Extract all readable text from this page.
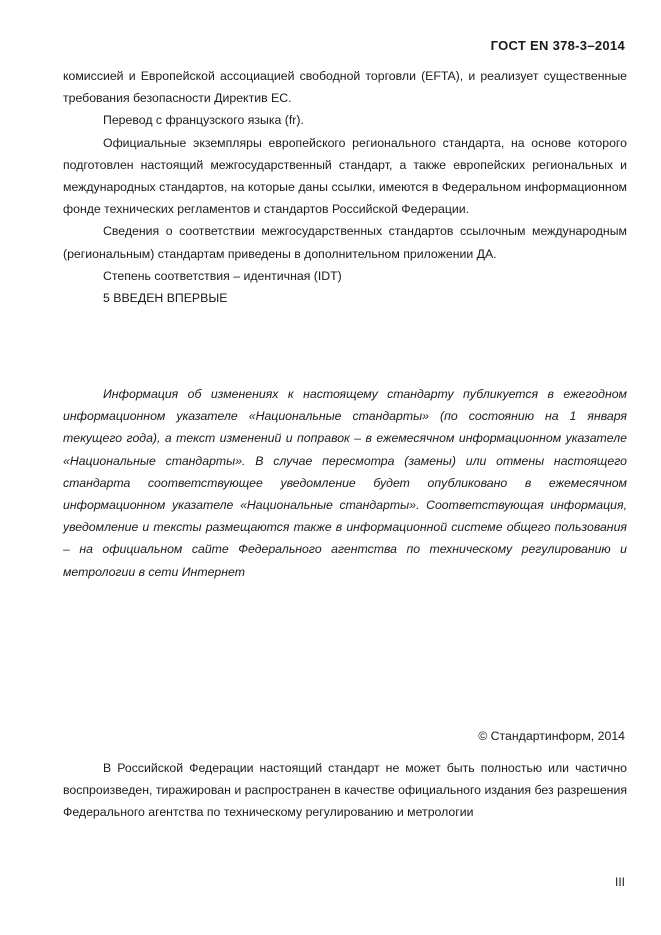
ГОСТ EN 378-3–2014

комиссией и Европейской ассоциацией свободной торговли (EFTA), и реализует существенные требования безопасности Директив ЕС.

Перевод с французского языка (fr).

Официальные экземпляры европейского регионального стандарта, на основе которого подготовлен настоящий межгосударственный стандарт, а также европейских региональных и международных стандартов, на которые даны ссылки, имеются в Федеральном информационном фонде технических регламентов и стандартов Российской Федерации.

Сведения о соответствии межгосударственных стандартов ссылочным международным (региональным) стандартам приведены в дополнительном приложении ДА.

Степень соответствия – идентичная (IDT)

5 ВВЕДЕН ВПЕРВЫЕ

Информация об изменениях к настоящему стандарту публикуется в ежегодном информационном указателе «Национальные стандарты» (по состоянию на 1 января текущего года), а текст изменений и поправок – в ежемесячном информационном указателе «Национальные стандарты». В случае пересмотра (замены) или отмены настоящего стандарта соответствующее уведомление будет опубликовано в ежемесячном информационном указателе «Национальные стандарты». Соответствующая информация, уведомление и тексты размещаются также в информационной системе общего пользования – на официальном сайте Федерального агентства по техническому регулированию и метрологии в сети Интернет

© Стандартинформ, 2014

В Российской Федерации настоящий стандарт не может быть полностью или частично воспроизведен, тиражирован и распространен в качестве официального издания без разрешения Федерального агентства по техническому регулированию и метрологии

III
